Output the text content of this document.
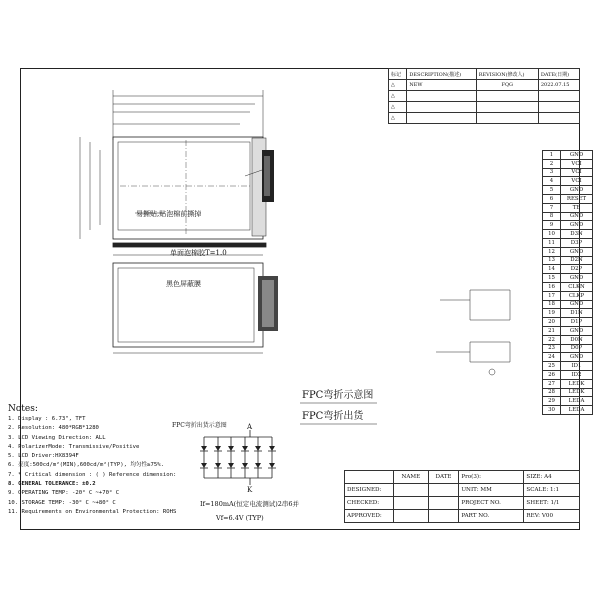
标记	DESCRIPTION(描述)	REVISION(修改人)	DATE(日期)
△	NEW	FQG	2022.07.15
△			
△			
△			
易撕贴,贴泡棉前撕掉
单面泡棉胶T=1.0
黑色屏蔽膜
FPC弯折示意图
FPC弯折出货
FPC弯折出货示意图	A
K
If=180mA(恒定电流测试)2串6并
Vf=6.4V (TYP)
1	GND
2	VCI
3	VCI
4	VCI
5	GND
6	RESET
7	TE
8	GND
9	GND
10	D3N
11	D3P
12	GND
13	D2N
14	D2P
15	GND
16	CLKN
17	CLKP
18	GND
19	D1N
20	D1P
21	GND
22	D0N
23	D0P
24	GND
25	ID1
26	ID2
27	LEDK
28	LEDK
29	LEDA
30	LEDA
Notes:
1. Display : 6.73", TFT
2. Resolution: 480*RGB*1280
3. LCD Viewing Direction: ALL
4. PolarizerMode: Transmissive/Positive
5. LCD Driver:HX8394F
6. 亮度:500cd/m²(MIN),600cd/m²(TYP), 均匀性≥75%.
7. * Critical dimension : ( ) Reference dimension:
8. GENERAL TOLERANCE: ±0.2
9. OPERATING TEMP: -20° C ~+70° C
10. STORAGE TEMP: -30° C ~+80° C
11. Requirements on Environmental Protection: ROHS
	NAME	DATE	Pro(3):	SIZE: A4
DESIGNED:			UNIT: MM	SCALE: 1:1
CHECKED:			PROJECT NO.	SHEET: 1/1
APPROVED:			PART NO.	REV: V00
